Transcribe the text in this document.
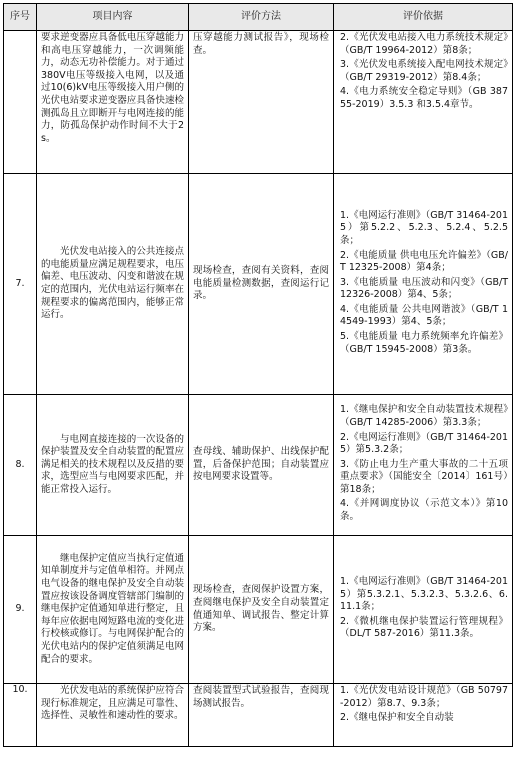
序号	项目内容	评价方法	评价依据
	要求逆变器应具备低电压穿越能力和高电压穿越能力，一次调频能力，动态无功补偿能力。对于通过380V电压等级接入电网，以及通过10(6)kV电压等级接入用户侧的光伏电站要求逆变器应具备快速检测孤岛且立即断开与电网连接的能力，防孤岛保护动作时间不大于2s。	压穿越能力测试报告》，现场检查。	2.《光伏发电站接入电力系统技术规定》（GB/T 19964-2012）第8条；

3.《光伏发电系统接入配电网技术规定》（GB/T 29319-2012）第8.4条；

4.《电力系统安全稳定导则》（GB 38755-2019）3.5.3 和3.5.4章节。

7.	光伏发电站接入的公共连接点的电能质量应满足规程要求，电压偏差、电压波动、闪变和谐波在规定的范围内，光伏电站运行频率在规程要求的偏离范围内，能够正常运行。	现场检查，查阅有关资料，查阅电能质量检测数据，查阅运行记录。	1.《电网运行准则》（GB/T 31464-2015）第5.2.2、5.2.3、5.2.4、5.2.5条；

2.《电能质量 供电电压允许偏差》（GB/T 12325-2008）第4条；

3.《电能质量 电压波动和闪变》（GB/T 12326-2008）第4、5条；

4.《电能质量 公共电网谐波》（GB/T 14549-1993）第4、5条；

5.《电能质量 电力系统频率允许偏差》（GB/T 15945-2008）第3条。

8.	与电网直接连接的一次设备的保护装置及安全自动装置的配置应满足相关的技术规程以及反措的要求，选型应当与电网要求匹配，并能正常投入运行。	查母线、辅助保护、出线保护配置，后备保护范围；自动装置应按电网要求设置等。	1.《继电保护和安全自动装置技术规程》（GB/T 14285-2006）第3.3条；

2.《电网运行准则》（GB/T 31464-2015）第5.3.2条；

3.《防止电力生产重大事故的二十五项重点要求》（国能安全〔2014〕161号）第18条；

4.《并网调度协议（示范文本）》第10条。

9.	继电保护定值应当执行定值通知单制度并与定值单相符。并网点电气设备的继电保护及安全自动装置应按该设备调度管辖部门编制的继电保护定值通知单进行整定，且每年应依据电网短路电流的变化进行校核或修订。与电网保护配合的光伏电站内的保护定值须满足电网配合的要求。	现场检查，查阅保护设置方案，查阅继电保护及安全自动装置定值通知单、调试报告、整定计算方案。	1.《电网运行准则》（GB/T 31464-2015）第5.3.2.1、5.3.2.3、5.3.2.6、6.11.1条；

2.《微机继电保护装置运行管理规程》（DL/T 587-2016）第11.3条。

10.	光伏发电站的系统保护应符合现行标准规定，且应满足可靠性、选择性、灵敏性和速动性的要求。	查阅装置型式试验报告，查阅现场测试报告。	1.《光伏发电站设计规范》（GB 50797-2012）第8.7、9.3条；

2.《继电保护和安全自动装
